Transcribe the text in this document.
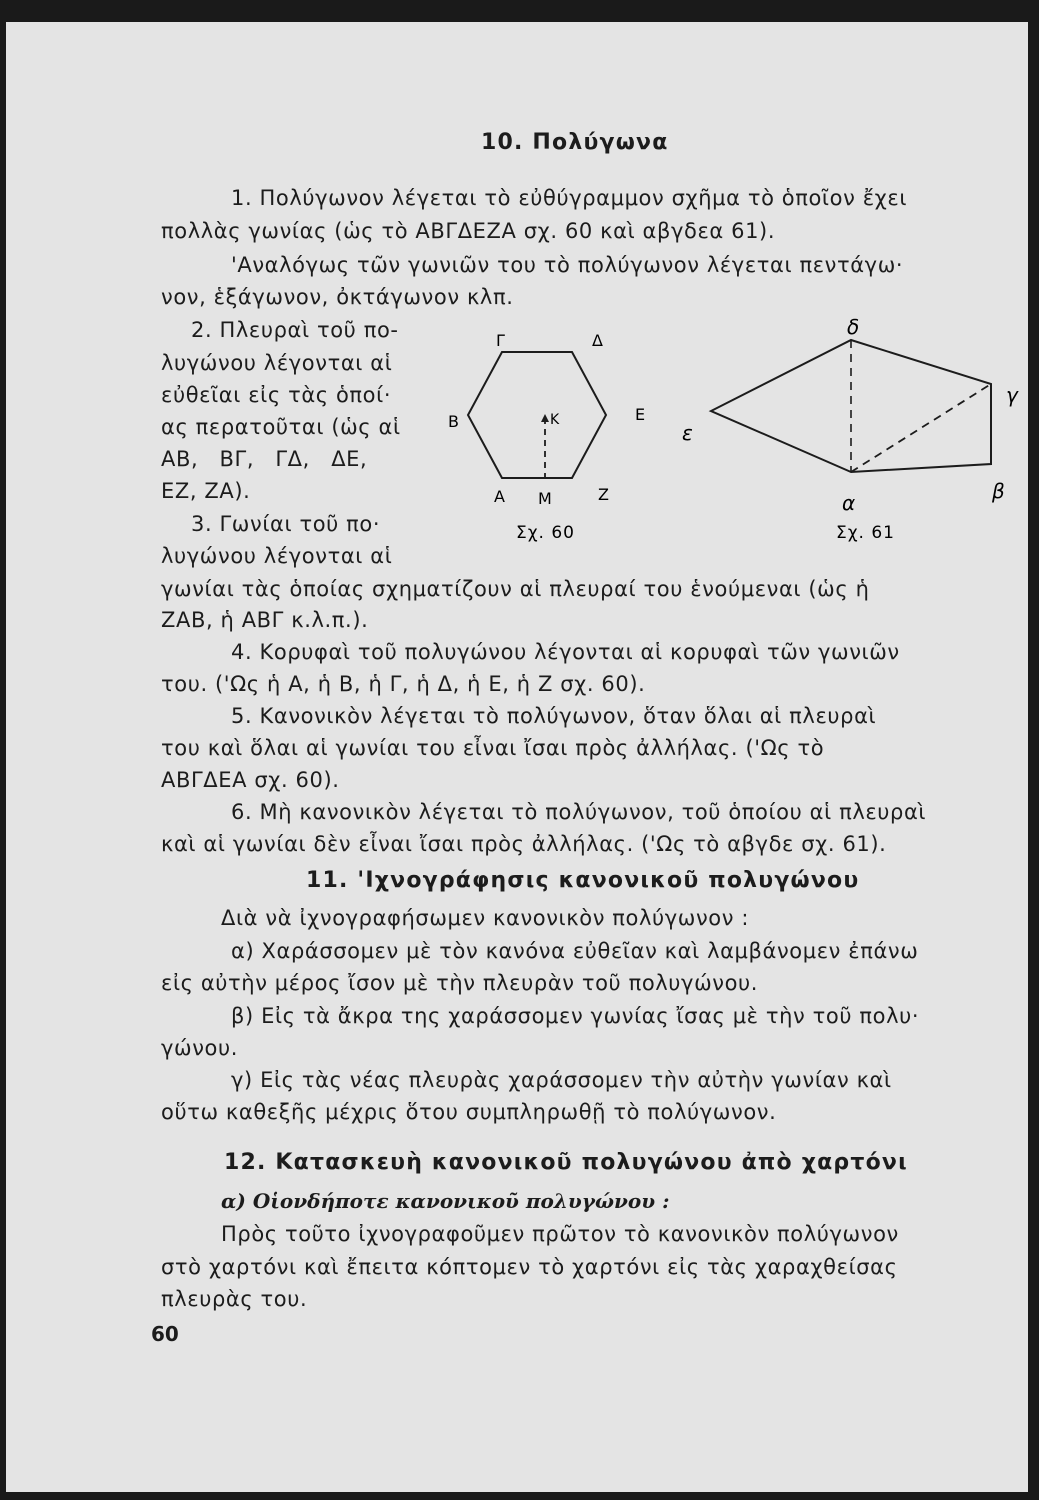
10. Πολύγωνα
1. Πολύγωνον λέγεται τὸ εὐθύγραμμον σχῆμα τὸ ὁποῖον ἔχει
πολλὰς γωνίας (ὡς τὸ ΑΒΓΔΕΖΑ σχ. 60 καὶ αβγδεα 61).
'Αναλόγως τῶν γωνιῶν του τὸ πολύγωνον λέγεται πεντάγω·
νον, ἑξάγωνον, ὀκτάγωνον κλπ.
2. Πλευραὶ τοῦ πο-
λυγώνου λέγονται αἱ
εὐθεῖαι εἰς τὰς ὁποί·
ας περατοῦται (ὡς αἱ
ΑΒ, ΒΓ, ΓΔ, ΔΕ,
ΕΖ, ΖΑ).
3. Γωνίαι τοῦ πο·
λυγώνου λέγονται αἱ
γωνίαι τὰς ὁποίας σχηματίζουν αἱ πλευραί του ἑνούμεναι (ὡς ἡ
ΖΑΒ, ἡ ΑΒΓ κ.λ.π.).
4. Κορυφαὶ τοῦ πολυγώνου λέγονται αἱ κορυφαὶ τῶν γωνιῶν
του. ('Ως ἡ Α, ἡ Β, ἡ Γ, ἡ Δ, ἡ Ε, ἡ Ζ σχ. 60).
5. Κανονικὸν λέγεται τὸ πολύγωνον, ὅταν ὅλαι αἱ πλευραὶ
του καὶ ὅλαι αἱ γωνίαι του εἶναι ἴσαι πρὸς ἀλλήλας. ('Ως τὸ
ΑΒΓΔΕΑ σχ. 60).
6. Μὴ κανονικὸν λέγεται τὸ πολύγωνον, τοῦ ὁποίου αἱ πλευραὶ
καὶ αἱ γωνίαι δὲν εἶναι ἴσαι πρὸς ἀλλήλας. ('Ως τὸ αβγδε σχ. 61).
Γ	Δ
Β	Ε
Κ
Α Μ	Ζ
Σχ. 60
δ
ε
γ
β
α
Σχ. 61
11. 'Ιχνογράφησις κανονικοῦ πολυγώνου
Διὰ νὰ ἰχνογραφήσωμεν κανονικὸν πολύγωνον :
α) Χαράσσομεν μὲ τὸν κανόνα εὐθεῖαν καὶ λαμβάνομεν ἐπάνω
εἰς αὐτὴν μέρος ἴσον μὲ τὴν πλευρὰν τοῦ πολυγώνου.
β) Εἰς τὰ ἄκρα της χαράσσομεν γωνίας ἴσας μὲ τὴν τοῦ πολυ·
γώνου.
γ) Εἰς τὰς νέας πλευρὰς χαράσσομεν τὴν αὐτὴν γωνίαν καὶ
οὕτω καθεξῆς μέχρις ὅτου συμπληρωθῇ τὸ πολύγωνον.
12. Κατασκευὴ κανονικοῦ πολυγώνου ἀπὸ χαρτόνι
α) Οἱονδήποτε κανονικοῦ πολυγώνου :
Πρὸς τοῦτο ἰχνογραφοῦμεν πρῶτον τὸ κανονικὸν πολύγωνον
στὸ χαρτόνι καὶ ἔπειτα κόπτομεν τὸ χαρτόνι εἰς τὰς χαραχθείσας
πλευρὰς του.
60
